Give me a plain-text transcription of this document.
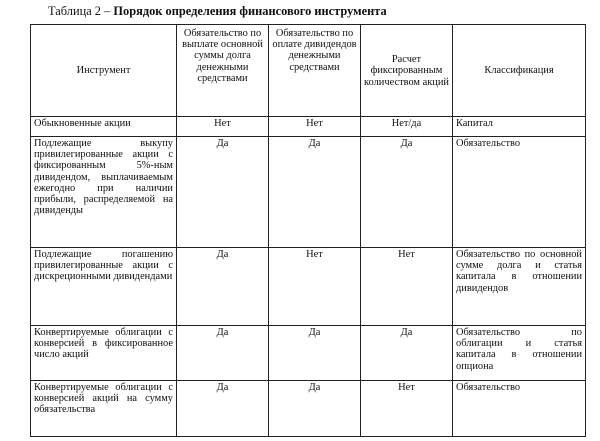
Таблица 2 – Порядок определения финансового инструмента
Инструмент	Обязательство по выплате основной суммы долга денежными средствами	Обязательство по оплате дивидендов денежными средствами	Расчет фиксированным количеством акций	Классификация
Обыкновенные акции	Нет	Нет	Нет/да	Капитал
Подлежащие выкупу привилегированные акции с фиксированным 5%-ным дивидендом, выплачиваемым ежегодно при наличии прибыли, распределяемой на дивиденды	Да	Да	Да	Обязательство
Подлежащие погашению привилегированные акции с дискреционными дивидендами	Да	Нет	Нет	Обязательство по основной сумме долга и статья капитала в отношении дивидендов
Конвертируемые облигации с конверсией в фиксированное число акций	Да	Да	Да	Обязательство по облигации и статья капитала в отношении опциона
Конвертируемые облигации с конверсией акций на сумму обязательства	Да	Да	Нет	Обязательство
